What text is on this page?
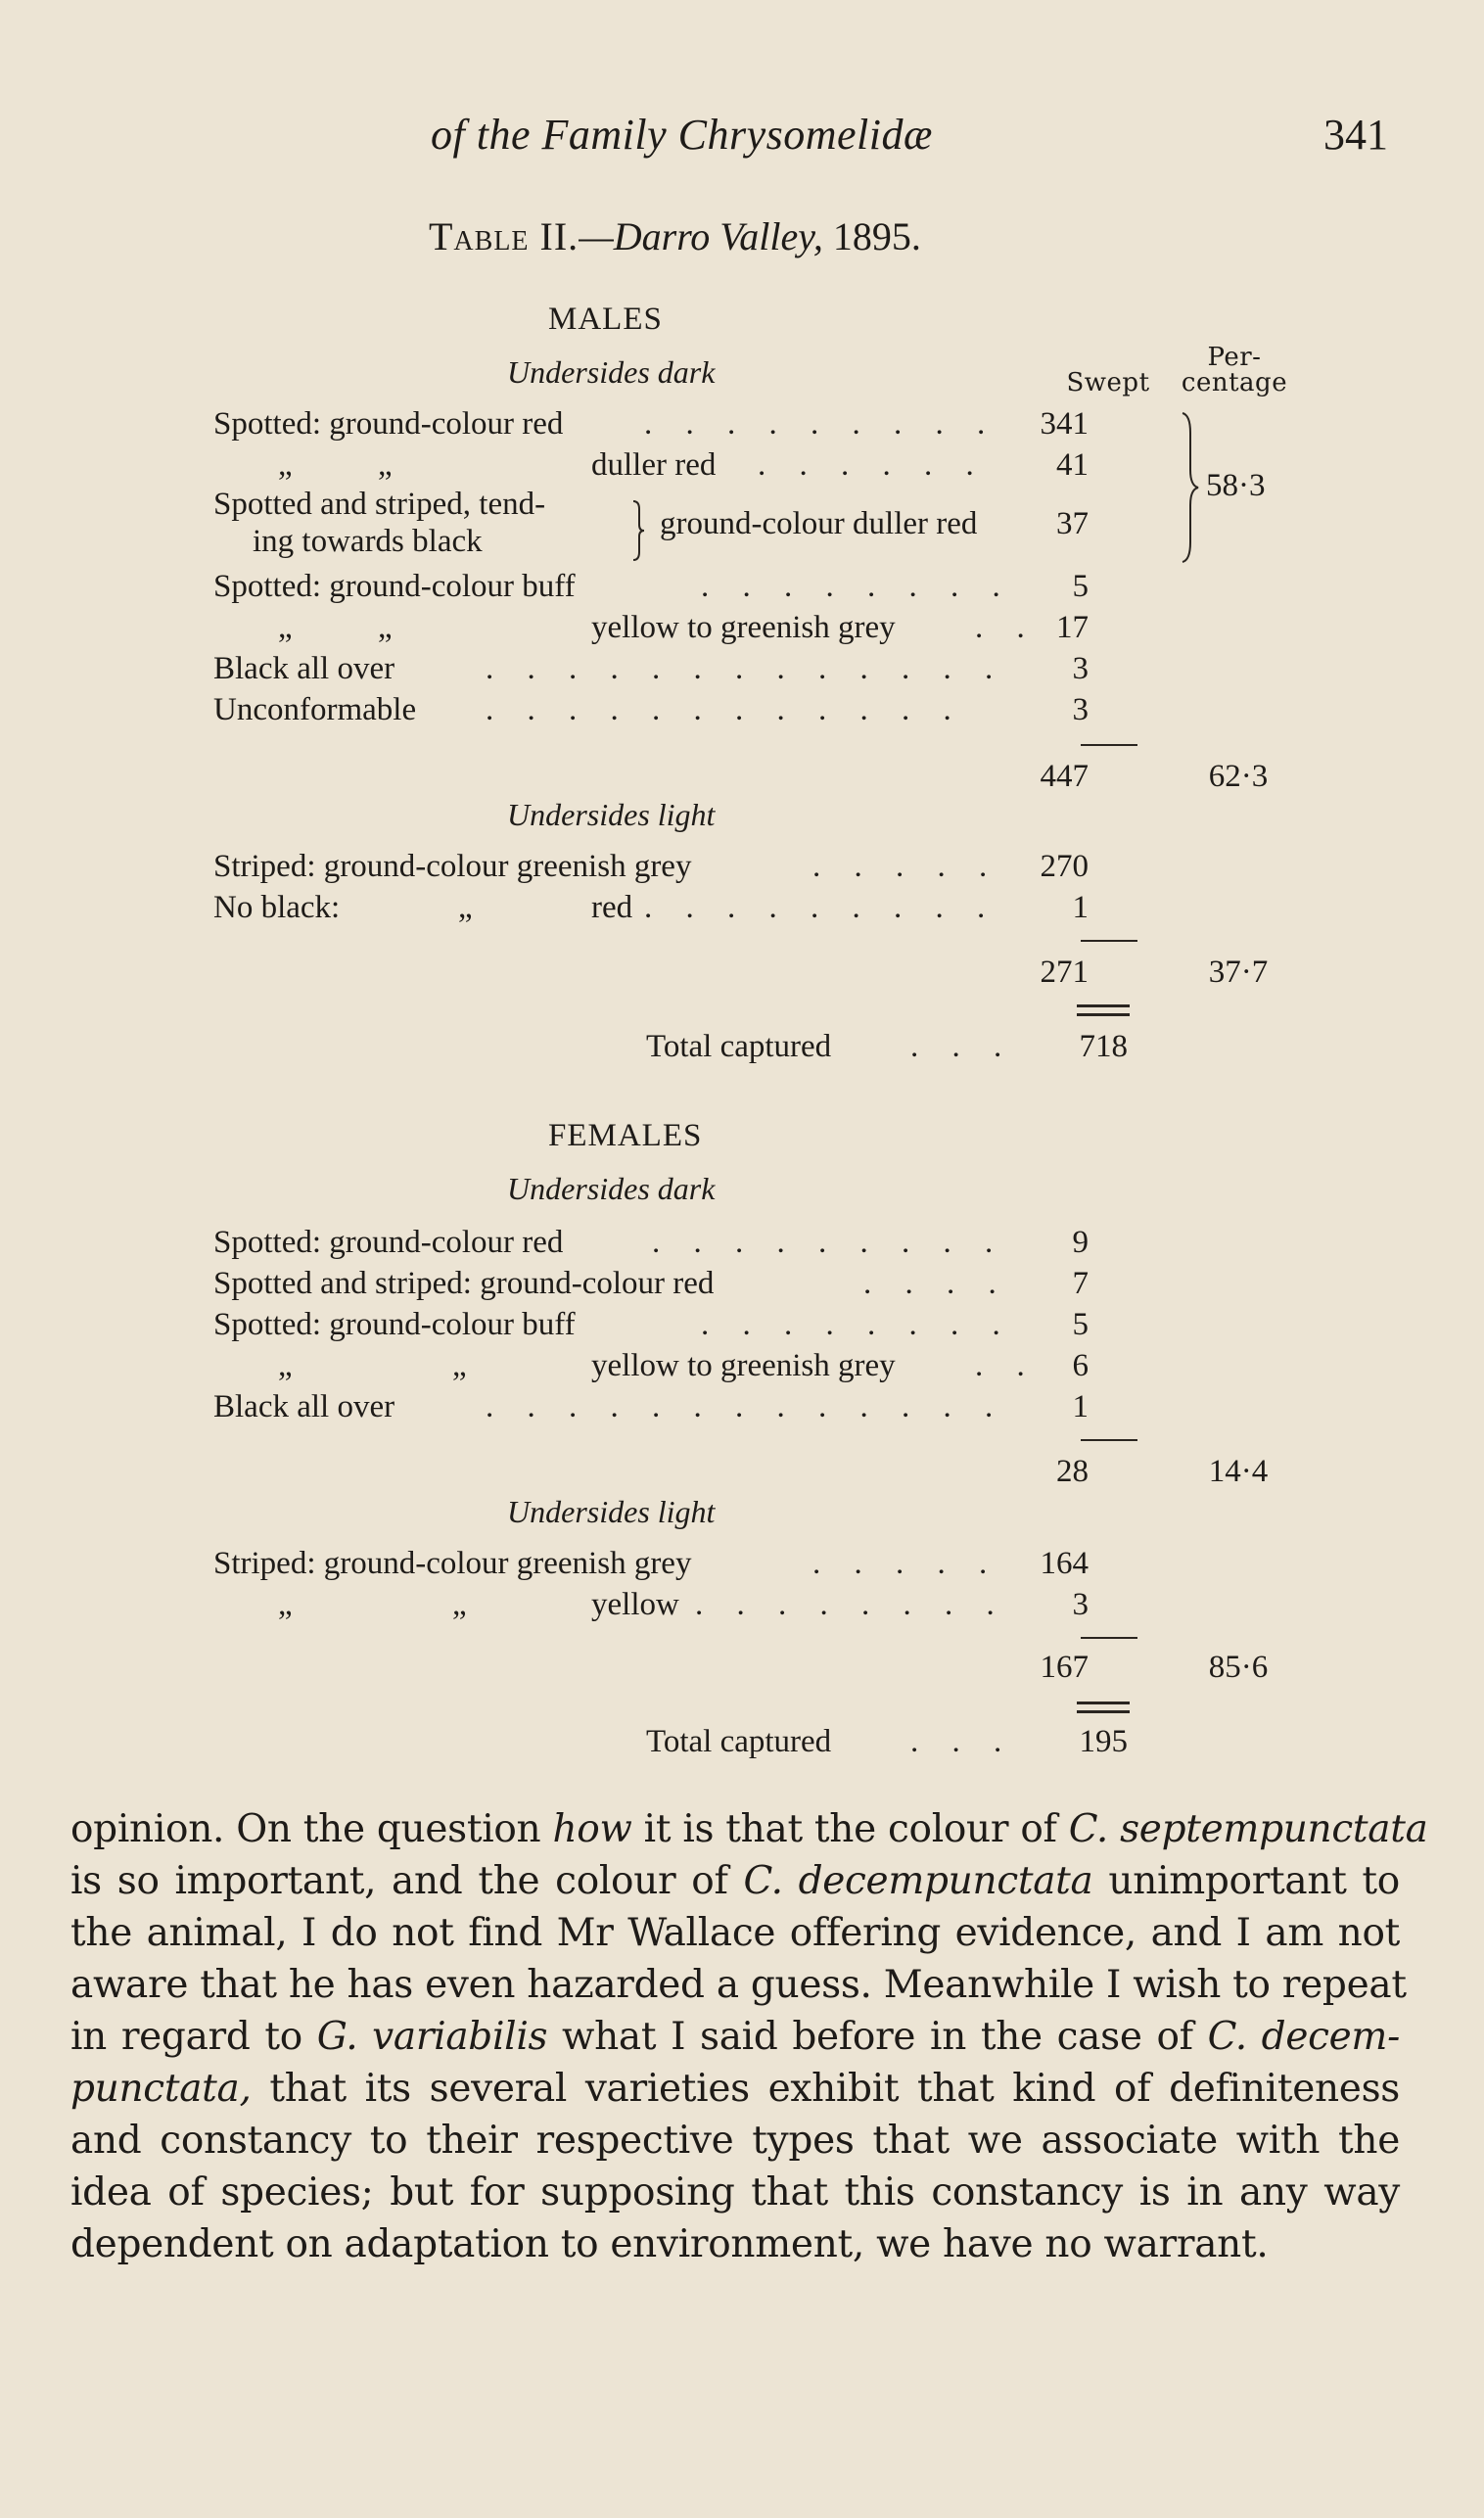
of the Family Chrysomelidæ	341
Table II.—Darro Valley, 1895.
MALES
Undersides dark	Swept
Per-
centage
Spotted: ground-colour red	. . . . . . . . . 341
„	„	duller red . . . . . .	41
Spotted and striped, tend-
ing towards black	ground-colour duller red	37
Spotted: ground-colour buff	. . . . . . . .	5
„	„	yellow to greenish grey . . 17
Black all over	. . . . . . . . . . . . .	3
Unconformable . . . . . . . . . . . .	3
58·3
447	62·3
Undersides light
Striped: ground-colour greenish grey	. . . . . 270
No black:	„	red . . . . . . . . .	1
271	37·7
Total captured . . . 718
FEMALES
Undersides dark
Spotted: ground-colour red	. . . . . . . . .	9
Spotted and striped: ground-colour red	. . . .	7
Spotted: ground-colour buff	. . . . . . . .	5
„	„	yellow to greenish grey . .	6
Black all over	. . . . . . . . . . . . .	1
28	14·4
Undersides light
Striped: ground-colour greenish grey	. . . . . 164
„	„	yellow . . . . . . . .	3
167	85·6
Total captured . . . 195
opinion. On the question how it is that the colour of C. septempunctata
is so important, and the colour of C. decempunctata unimportant to
the animal, I do not find Mr Wallace offering evidence, and I am not
aware that he has even hazarded a guess. Meanwhile I wish to repeat
in regard to G. variabilis what I said before in the case of C. decem-
punctata, that its several varieties exhibit that kind of definiteness
and constancy to their respective types that we associate with the
idea of species; but for supposing that this constancy is in any way
dependent on adaptation to environment, we have no warrant.
